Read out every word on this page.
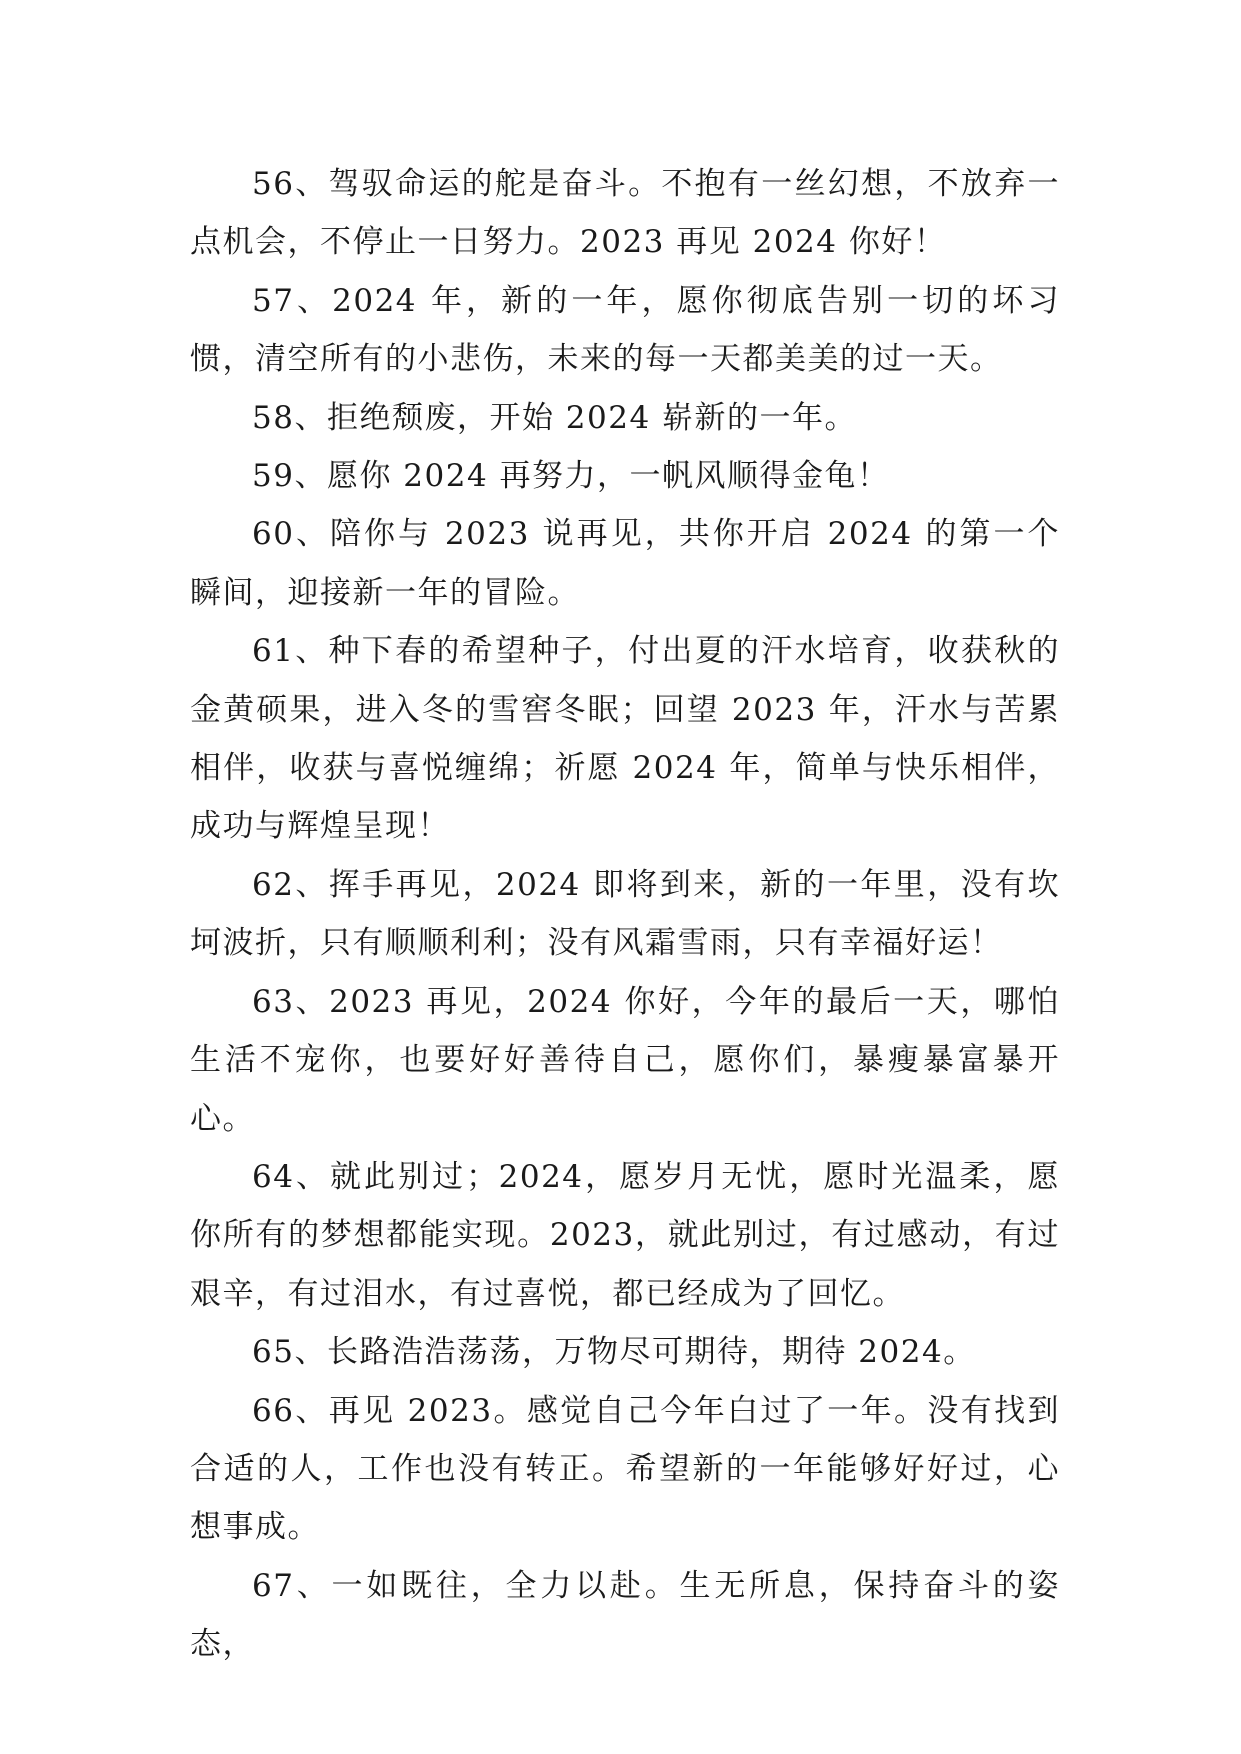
56、驾驭命运的舵是奋斗。不抱有一丝幻想，不放弃一点机会，不停止一日努力。2023 再见 2024 你好！

57、2024 年，新的一年，愿你彻底告别一切的坏习惯，清空所有的小悲伤，未来的每一天都美美的过一天。

58、拒绝颓废，开始 2024 崭新的一年。

59、愿你 2024 再努力，一帆风顺得金龟！

60、陪你与 2023 说再见，共你开启 2024 的第一个瞬间，迎接新一年的冒险。

61、种下春的希望种子，付出夏的汗水培育，收获秋的金黄硕果，进入冬的雪窖冬眠；回望 2023 年，汗水与苦累相伴，收获与喜悦缠绵；祈愿 2024 年，简单与快乐相伴，成功与辉煌呈现！

62、挥手再见，2024 即将到来，新的一年里，没有坎坷波折，只有顺顺利利；没有风霜雪雨，只有幸福好运！

63、2023 再见，2024 你好，今年的最后一天，哪怕生活不宠你，也要好好善待自己，愿你们，暴瘦暴富暴开心。

64、就此别过；2024，愿岁月无忧，愿时光温柔，愿你所有的梦想都能实现。2023，就此别过，有过感动，有过艰辛，有过泪水，有过喜悦，都已经成为了回忆。

65、长路浩浩荡荡，万物尽可期待，期待 2024。

66、再见 2023。感觉自己今年白过了一年。没有找到合适的人，工作也没有转正。希望新的一年能够好好过，心想事成。

67、一如既往，全力以赴。生无所息，保持奋斗的姿态，
